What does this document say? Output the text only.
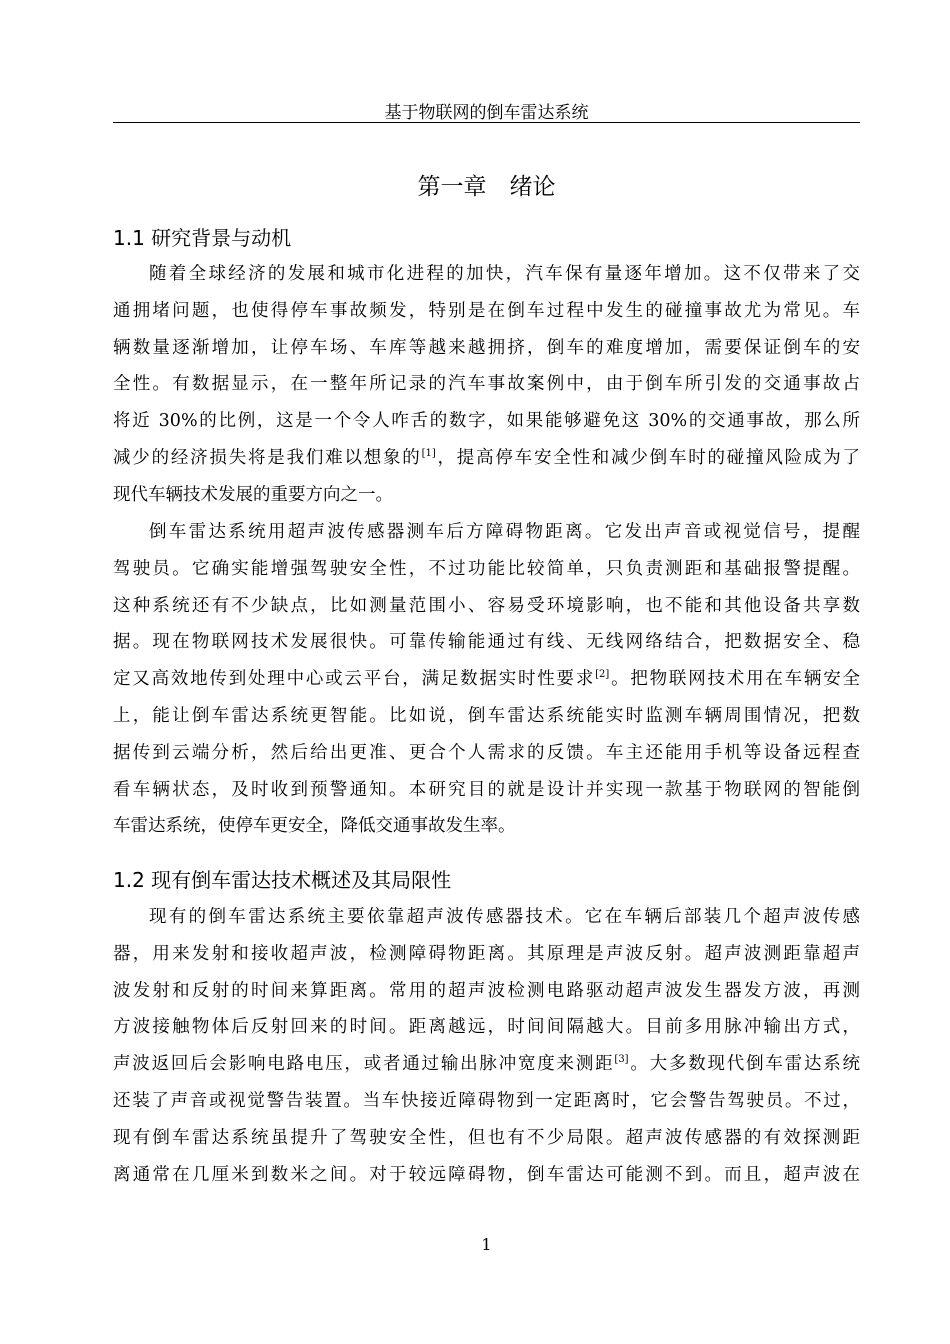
基于物联网的倒车雷达系统
第一章　绪论
1.1 研究背景与动机
随着全球经济的发展和城市化进程的加快，汽车保有量逐年增加。这不仅带来了交
通拥堵问题，也使得停车事故频发，特别是在倒车过程中发生的碰撞事故尤为常见。车
辆数量逐渐增加，让停车场、车库等越来越拥挤，倒车的难度增加，需要保证倒车的安
全性。有数据显示，在一整年所记录的汽车事故案例中，由于倒车所引发的交通事故占
将近 30%的比例，这是一个令人咋舌的数字，如果能够避免这 30%的交通事故，那么所
减少的经济损失将是我们难以想象的[1]，提高停车安全性和减少倒车时的碰撞风险成为了
现代车辆技术发展的重要方向之一。
倒车雷达系统用超声波传感器测车后方障碍物距离。它发出声音或视觉信号，提醒
驾驶员。它确实能增强驾驶安全性，不过功能比较简单，只负责测距和基础报警提醒。
这种系统还有不少缺点，比如测量范围小、容易受环境影响，也不能和其他设备共享数
据。现在物联网技术发展很快。可靠传输能通过有线、无线网络结合，把数据安全、稳
定又高效地传到处理中心或云平台，满足数据实时性要求[2]。把物联网技术用在车辆安全
上，能让倒车雷达系统更智能。比如说，倒车雷达系统能实时监测车辆周围情况，把数
据传到云端分析，然后给出更准、更合个人需求的反馈。车主还能用手机等设备远程查
看车辆状态，及时收到预警通知。本研究目的就是设计并实现一款基于物联网的智能倒
车雷达系统，使停车更安全，降低交通事故发生率。
1.2 现有倒车雷达技术概述及其局限性
现有的倒车雷达系统主要依靠超声波传感器技术。它在车辆后部装几个超声波传感
器，用来发射和接收超声波，检测障碍物距离。其原理是声波反射。超声波测距靠超声
波发射和反射的时间来算距离。常用的超声波检测电路驱动超声波发生器发方波，再测
方波接触物体后反射回来的时间。距离越远，时间间隔越大。目前多用脉冲输出方式，
声波返回后会影响电路电压，或者通过输出脉冲宽度来测距[3]。大多数现代倒车雷达系统
还装了声音或视觉警告装置。当车快接近障碍物到一定距离时，它会警告驾驶员。不过，
现有倒车雷达系统虽提升了驾驶安全性，但也有不少局限。超声波传感器的有效探测距
离通常在几厘米到数米之间。对于较远障碍物，倒车雷达可能测不到。而且，超声波在
1
